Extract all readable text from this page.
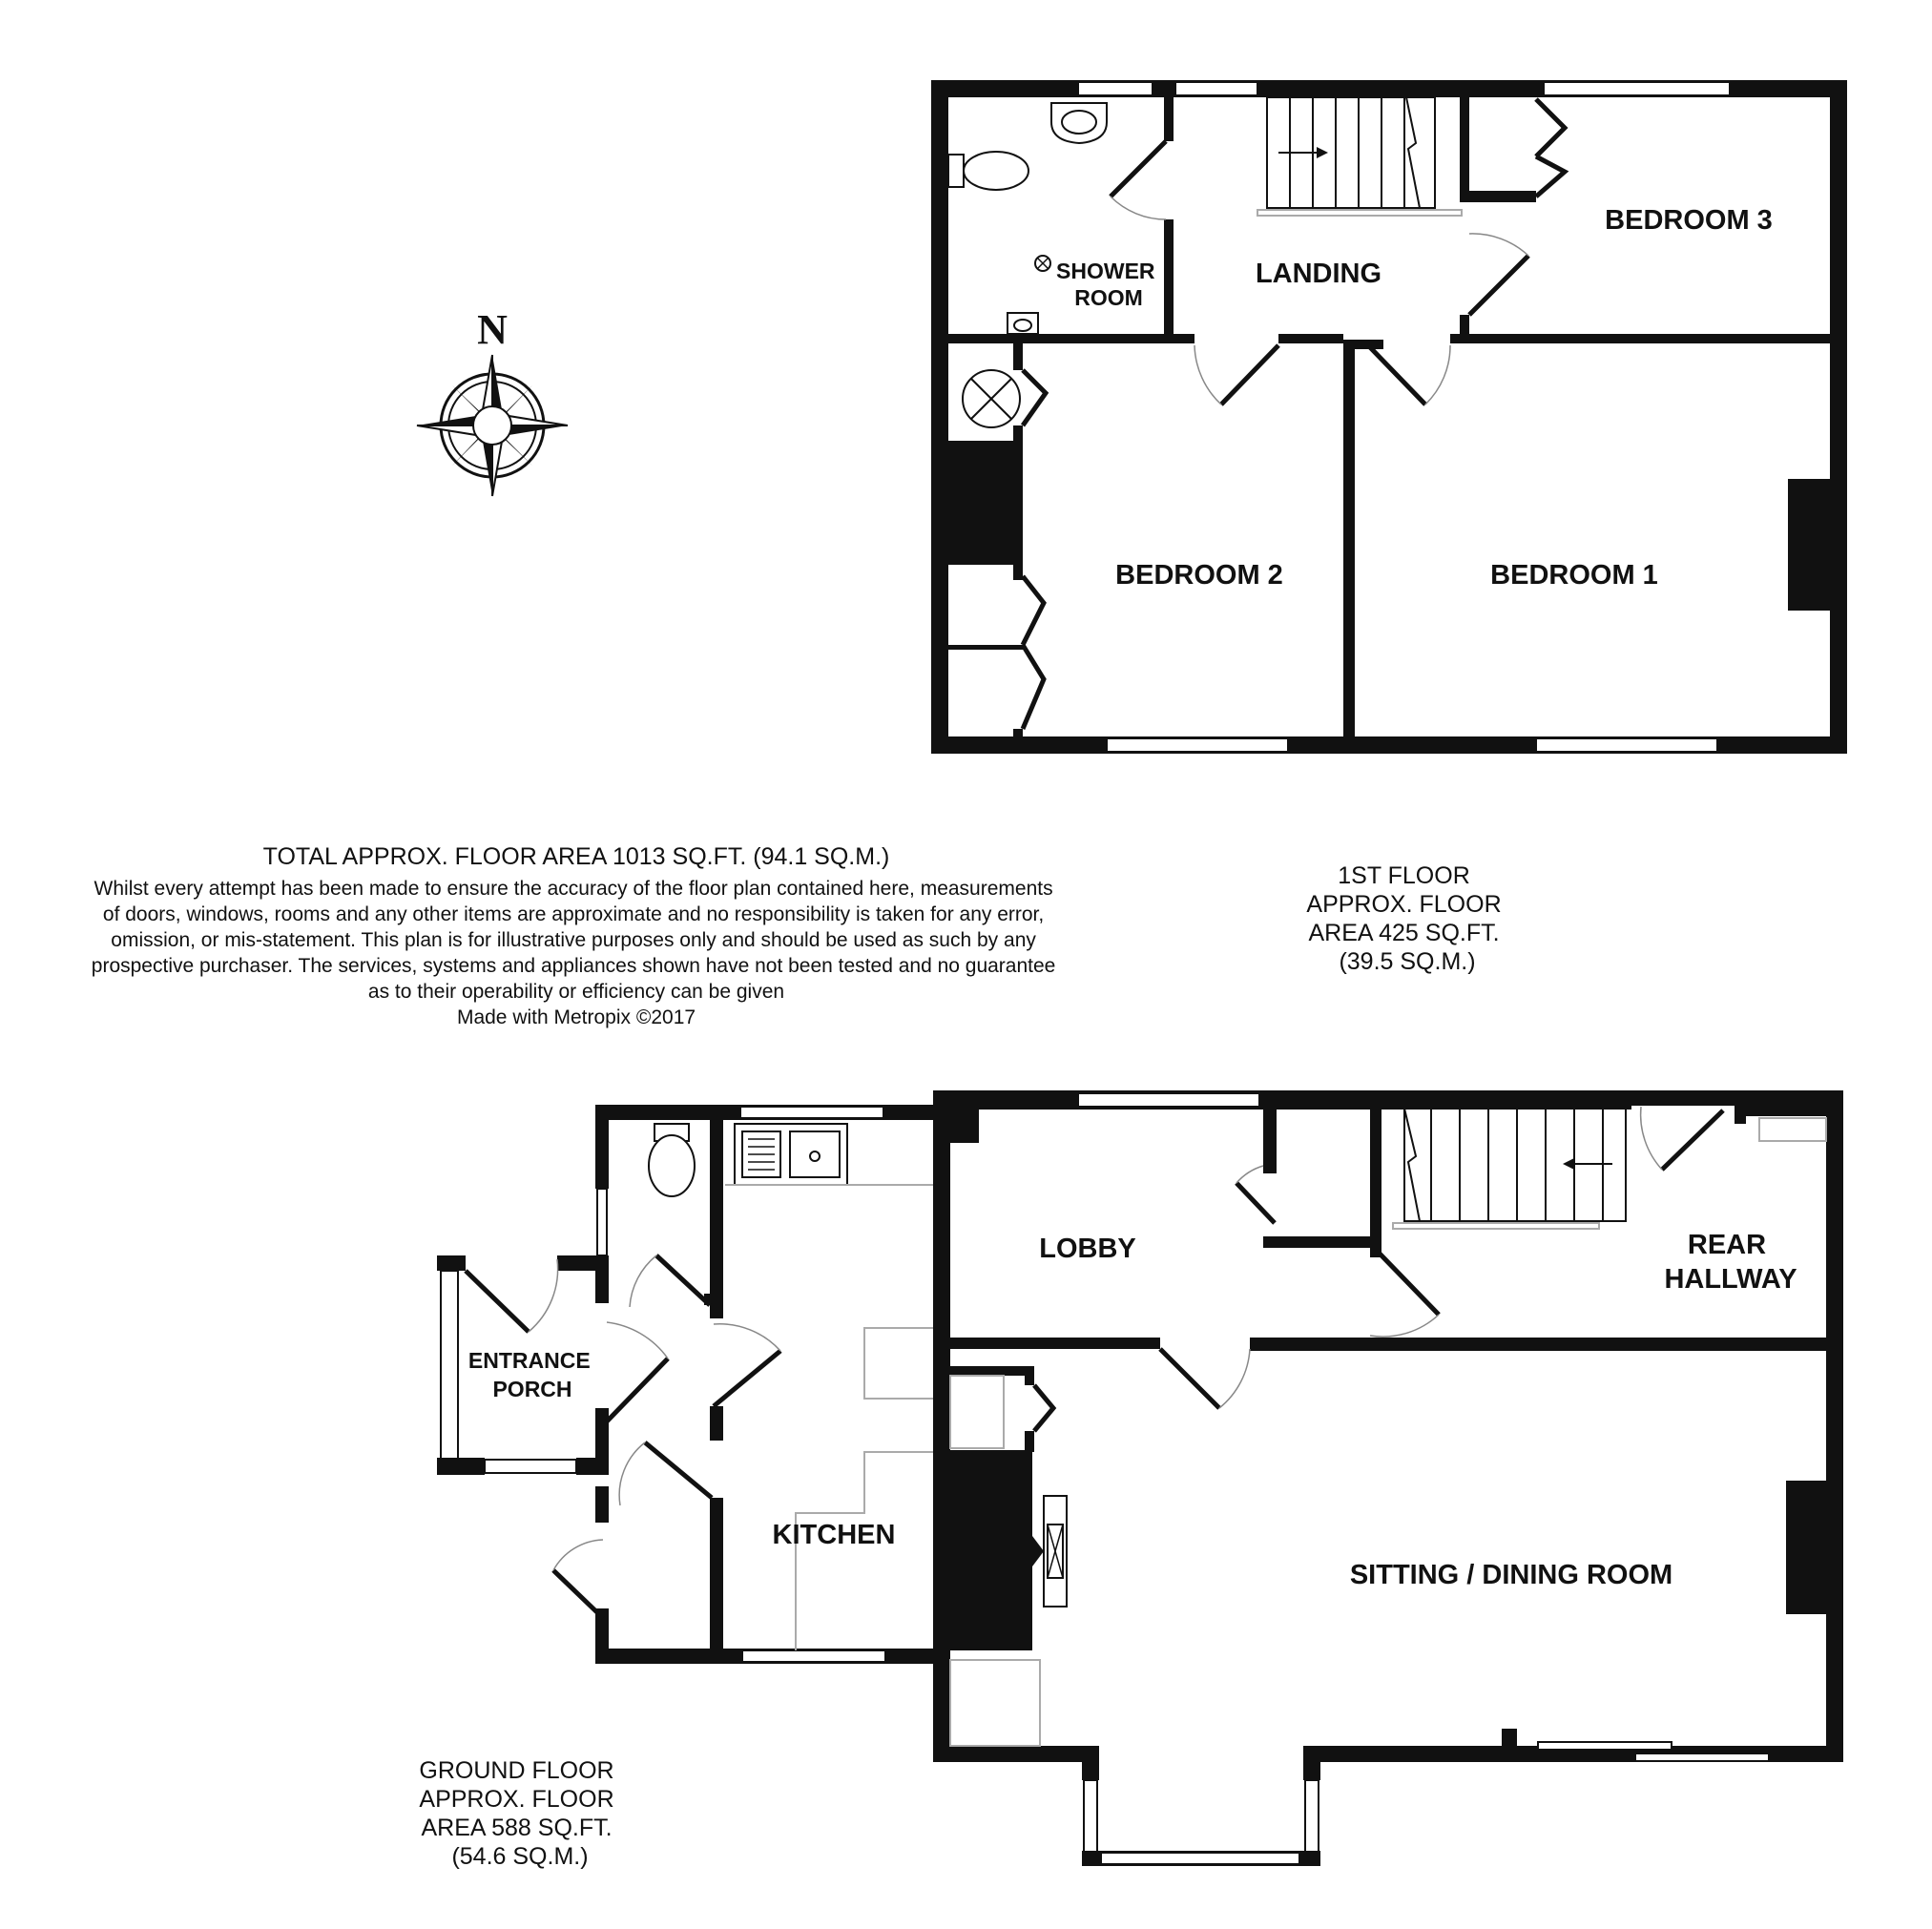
N
SHOWER ROOM
LANDING
BEDROOM 3
BEDROOM 2	BEDROOM 1
TOTAL APPROX. FLOOR AREA 1013 SQ.FT. (94.1 SQ.M.)
Whilst every attempt has been made to ensure the accuracy of the floor plan contained here, measurements of doors, windows, rooms and any other items are approximate and no responsibility is taken for any error, omission, or mis-statement. This plan is for illustrative purposes only and should be used as such by any prospective purchaser. The services, systems and appliances shown have not been tested and no guarantee as to their operability or efficiency can be given
Made with Metropix ©2017
1ST FLOOR APPROX. FLOOR AREA 425 SQ.FT. (39.5 SQ.M.)
LOBBY	REAR HALLWAY
ENTRANCE PORCH
KITCHEN
SITTING / DINING ROOM
GROUND FLOOR APPROX. FLOOR AREA 588 SQ.FT. (54.6 SQ.M.)
